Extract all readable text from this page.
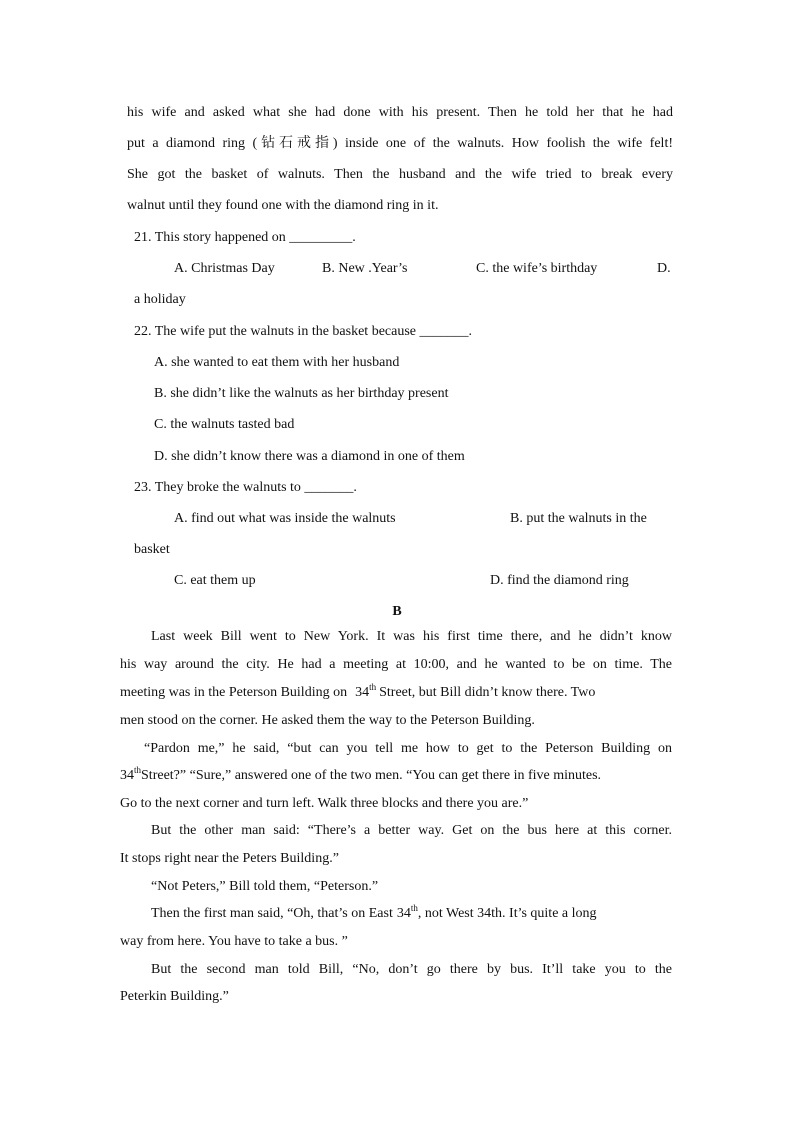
his wife and asked what she had done with his present. Then he told her that he had
put a diamond ring (钻石戒指) inside one of the walnuts. How foolish the wife felt!
She got the basket of walnuts. Then the husband and the wife tried to break every
walnut until they found one with the diamond ring in it.
21. This story happened on _________.
A. Christmas Day	B. New .Year’s	C. the wife’s birthday	D.
a holiday
22. The wife put the walnuts in the basket because _______.
A. she wanted to eat them with her husband
B. she didn’t like the walnuts as her birthday present
C. the walnuts tasted bad
D. she didn’t know there was a diamond in one of them
23. They broke the walnuts to _______.
A. find out what was inside the walnuts	B. put the walnuts in the
basket
C. eat them up	D. find the diamond ring
B
Last week Bill went to New York. It was his first time there, and he didn’t know
his way around the city. He had a meeting at 10:00, and he wanted to be on time. The
meeting was in the Peterson Building on 34th Street, but Bill didn’t know there. Two
men stood on the corner. He asked them the way to the Peterson Building.
“Pardon me,” he said, “but can you tell me how to get to the Peterson Building on
34thStreet?” “Sure,” answered one of the two men. “You can get there in five minutes.
Go to the next corner and turn left. Walk three blocks and there you are.”
But the other man said: “There’s a better way. Get on the bus here at this corner.
It stops right near the Peters Building.”
“Not Peters,” Bill told them, “Peterson.”
Then the first man said, “Oh, that’s on East 34th, not West 34th. It’s quite a long
way from here. You have to take a bus. ”
But the second man told Bill, “No, don’t go there by bus. It’ll take you to the
Peterkin Building.”
